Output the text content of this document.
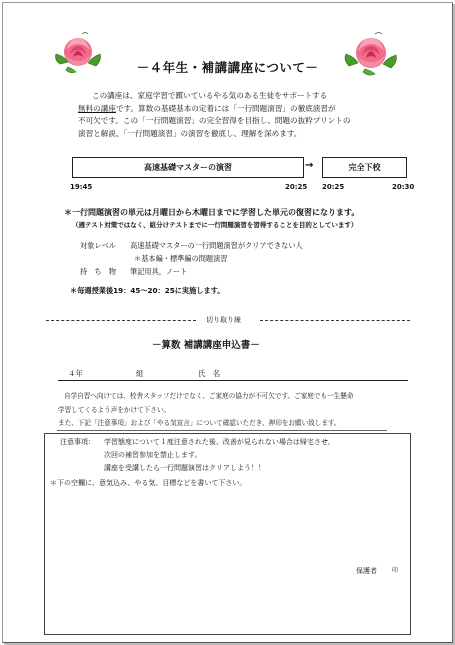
－４年生・補講講座について－
この講座は、家庭学習で躓いているやる気のある生徒をサポートする
無料の講座です。算数の基礎基本の定着には「一行問題演習」の徹底演習が
不可欠です。この「一行問題演習」の完全習得を目指し、問題の抜粋プリントの
演習と解説、「一行問題演習」の演習を徹底し、理解を深めます。
高速基礎マスターの演習	→	完全下校
19:45	20:25 20:25	20:30
＊一行問題演習の単元は月曜日から木曜日までに学習した単元の復習になります。
（週テスト対策ではなく、組分けテストまでに一行問題演習を習得することを目的としています）
対象レベル 高速基礎マスターの一行問題演習がクリアできない人
＊基本編・標準編の問題演習
持　ち　物 筆記用具，ノート
＊毎週授業後19：45～20：25に実施します。
切り取り線
－算数 補講講座申込書－
４年	組	氏　名
自学自習へ向けては、校舎スタッフだけでなく、ご家庭の協力が不可欠です。ご家庭でも一生懸命
学習してくるよう声をかけて下さい。
また、下記「注意事項」および「やる気宣言」について確認いただき、押印をお願い致します。
注意事項： 学習態度について１度注意された後、改善が見られない場合は帰宅させ、
次回の補習参加を禁止します。
講座を受講したら一行問題演習はクリアしよう！！
＊下の空欄に、意気込み、やる気、目標などを書いて下さい。
保護者	印
